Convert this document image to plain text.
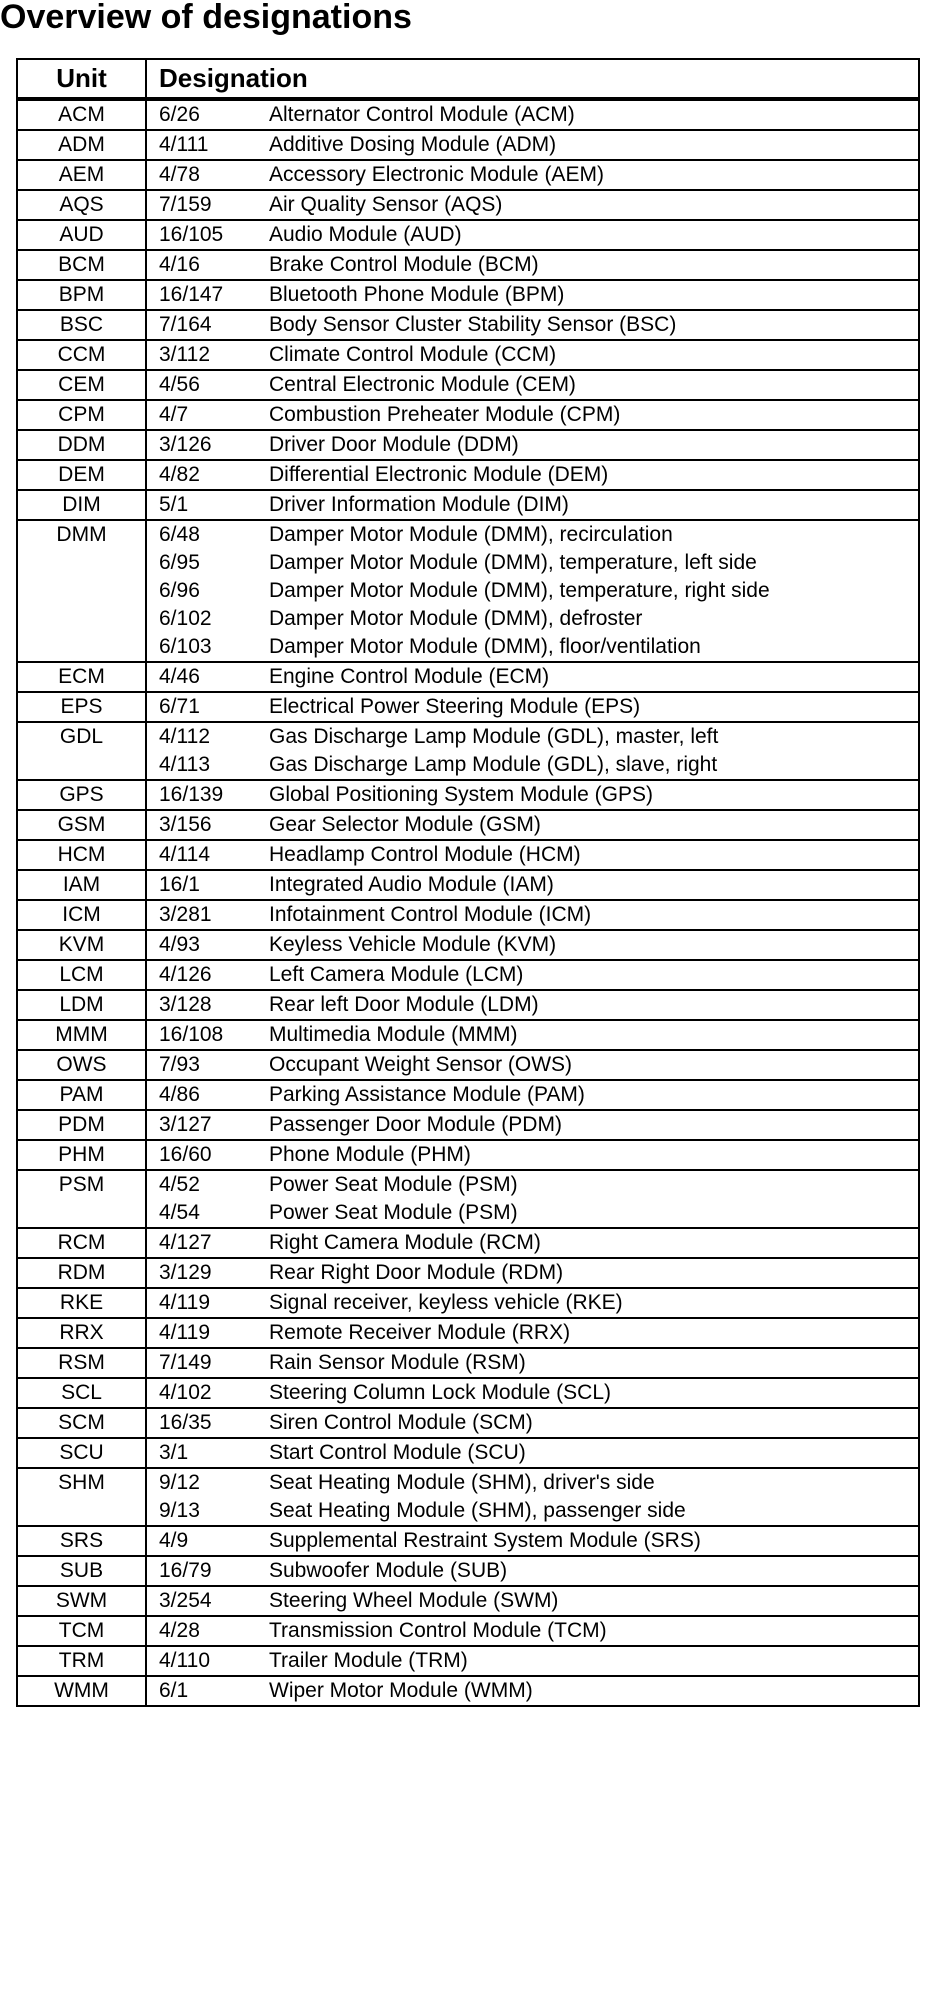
Overview of designations
Unit	Designation
ACM	6/26 Alternator Control Module (ACM)

ADM	4/111 Additive Dosing Module (ADM)

AEM	4/78 Accessory Electronic Module (AEM)

AQS	7/159 Air Quality Sensor (AQS)

AUD	16/105 Audio Module (AUD)

BCM	4/16 Brake Control Module (BCM)

BPM	16/147 Bluetooth Phone Module (BPM)

BSC	7/164 Body Sensor Cluster Stability Sensor (BSC)

CCM	3/112 Climate Control Module (CCM)

CEM	4/56 Central Electronic Module (CEM)

CPM	4/7 Combustion Preheater Module (CPM)

DDM	3/126 Driver Door Module (DDM)

DEM	4/82 Differential Electronic Module (DEM)

DIM	5/1 Driver Information Module (DIM)

DMM	6/48 Damper Motor Module (DMM), recirculation
6/95 Damper Motor Module (DMM), temperature, left side
6/96 Damper Motor Module (DMM), temperature, right side
6/102 Damper Motor Module (DMM), defroster
6/103 Damper Motor Module (DMM), floor/ventilation

ECM	4/46 Engine Control Module (ECM)

EPS	6/71 Electrical Power Steering Module (EPS)

GDL	4/112 Gas Discharge Lamp Module (GDL), master, left
4/113 Gas Discharge Lamp Module (GDL), slave, right

GPS	16/139 Global Positioning System Module (GPS)

GSM	3/156 Gear Selector Module (GSM)

HCM	4/114 Headlamp Control Module (HCM)

IAM	16/1 Integrated Audio Module (IAM)

ICM	3/281 Infotainment Control Module (ICM)

KVM	4/93 Keyless Vehicle Module (KVM)

LCM	4/126 Left Camera Module (LCM)

LDM	3/128 Rear left Door Module (LDM)

MMM	16/108 Multimedia Module (MMM)

OWS	7/93 Occupant Weight Sensor (OWS)

PAM	4/86 Parking Assistance Module (PAM)

PDM	3/127 Passenger Door Module (PDM)

PHM	16/60 Phone Module (PHM)

PSM	4/52 Power Seat Module (PSM)
4/54 Power Seat Module (PSM)

RCM	4/127 Right Camera Module (RCM)

RDM	3/129 Rear Right Door Module (RDM)

RKE	4/119 Signal receiver, keyless vehicle (RKE)

RRX	4/119 Remote Receiver Module (RRX)

RSM	7/149 Rain Sensor Module (RSM)

SCL	4/102 Steering Column Lock Module (SCL)

SCM	16/35 Siren Control Module (SCM)

SCU	3/1 Start Control Module (SCU)

SHM	9/12 Seat Heating Module (SHM), driver's side
9/13 Seat Heating Module (SHM), passenger side

SRS	4/9 Supplemental Restraint System Module (SRS)

SUB	16/79 Subwoofer Module (SUB)

SWM	3/254 Steering Wheel Module (SWM)

TCM	4/28 Transmission Control Module (TCM)

TRM	4/110 Trailer Module (TRM)

WMM	6/1 Wiper Motor Module (WMM)
